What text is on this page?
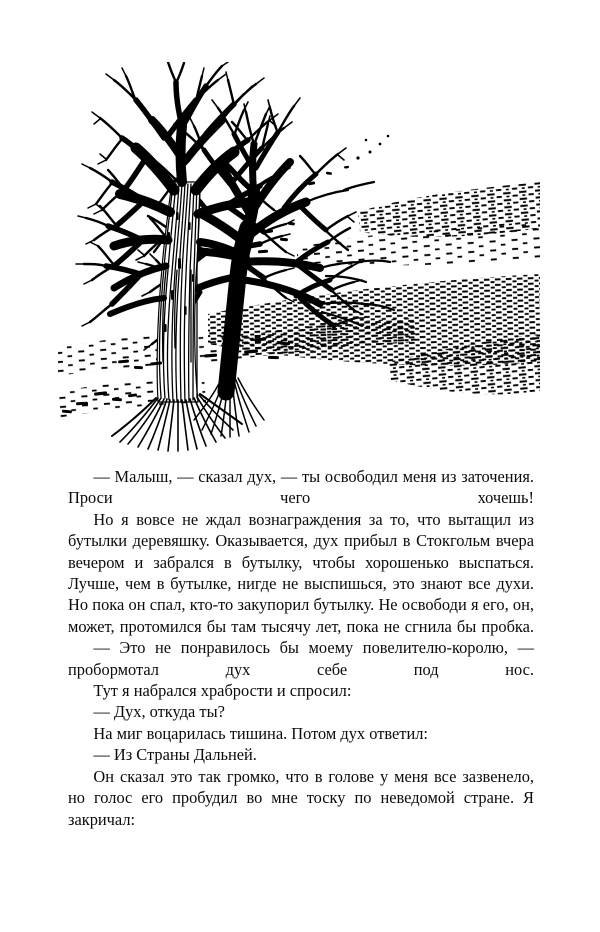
— Малыш, — сказал дух, — ты освободил меня из заточения. Проси чего хочешь!

Но я вовсе не ждал вознаграждения за то, что вытащил из бутылки деревяшку. Оказывается, дух прибыл в Стокгольм вчера вечером и забрался в бутылку, чтобы хорошенько выспаться. Лучше, чем в бутылке, нигде не выспишься, это знают все духи. Но пока он спал, кто-то закупорил бутылку. Не освободи я его, он, может, протомился бы там тысячу лет, пока не сгнила бы пробка.

— Это не понравилось бы моему повелителю-королю, — пробормотал дух себе под нос.

Тут я набрался храбрости и спросил:

— Дух, откуда ты?

На миг воцарилась тишина. Потом дух ответил:

— Из Страны Дальней.

Он сказал это так громко, что в голове у меня все зазвенело, но голос его пробудил во мне тоску по неведомой стране. Я закричал:
